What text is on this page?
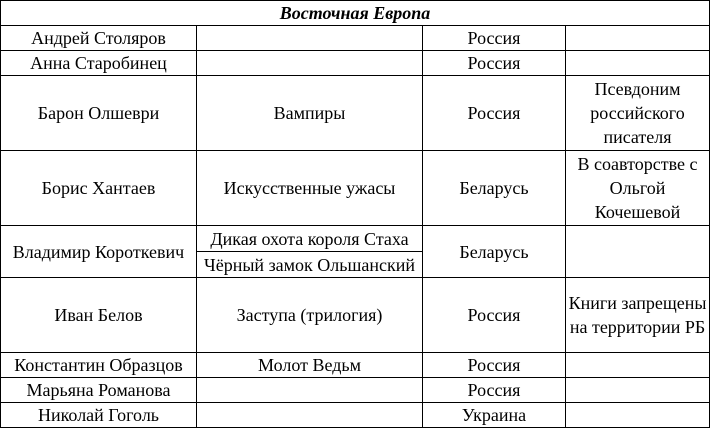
Восточная Европа			
Андрей Столяров		Россия	
Анна Старобинец		Россия	
Барон Олшеври	Вампиры	Россия	Псевдоним российского писателя
Борис Хантаев	Искусственные ужасы	Беларусь	В соавторстве с Ольгой Кочешевой
Владимир Короткевич	Дикая охота короля Стаха	Беларусь	
	Чёрный замок Ольшанский		
Иван Белов	Заступа (трилогия)	Россия	Книги запрещены на территории РБ
Константин Образцов	Молот Ведьм	Россия	
Марьяна Романова		Россия	
Николай Гоголь		Украина	
